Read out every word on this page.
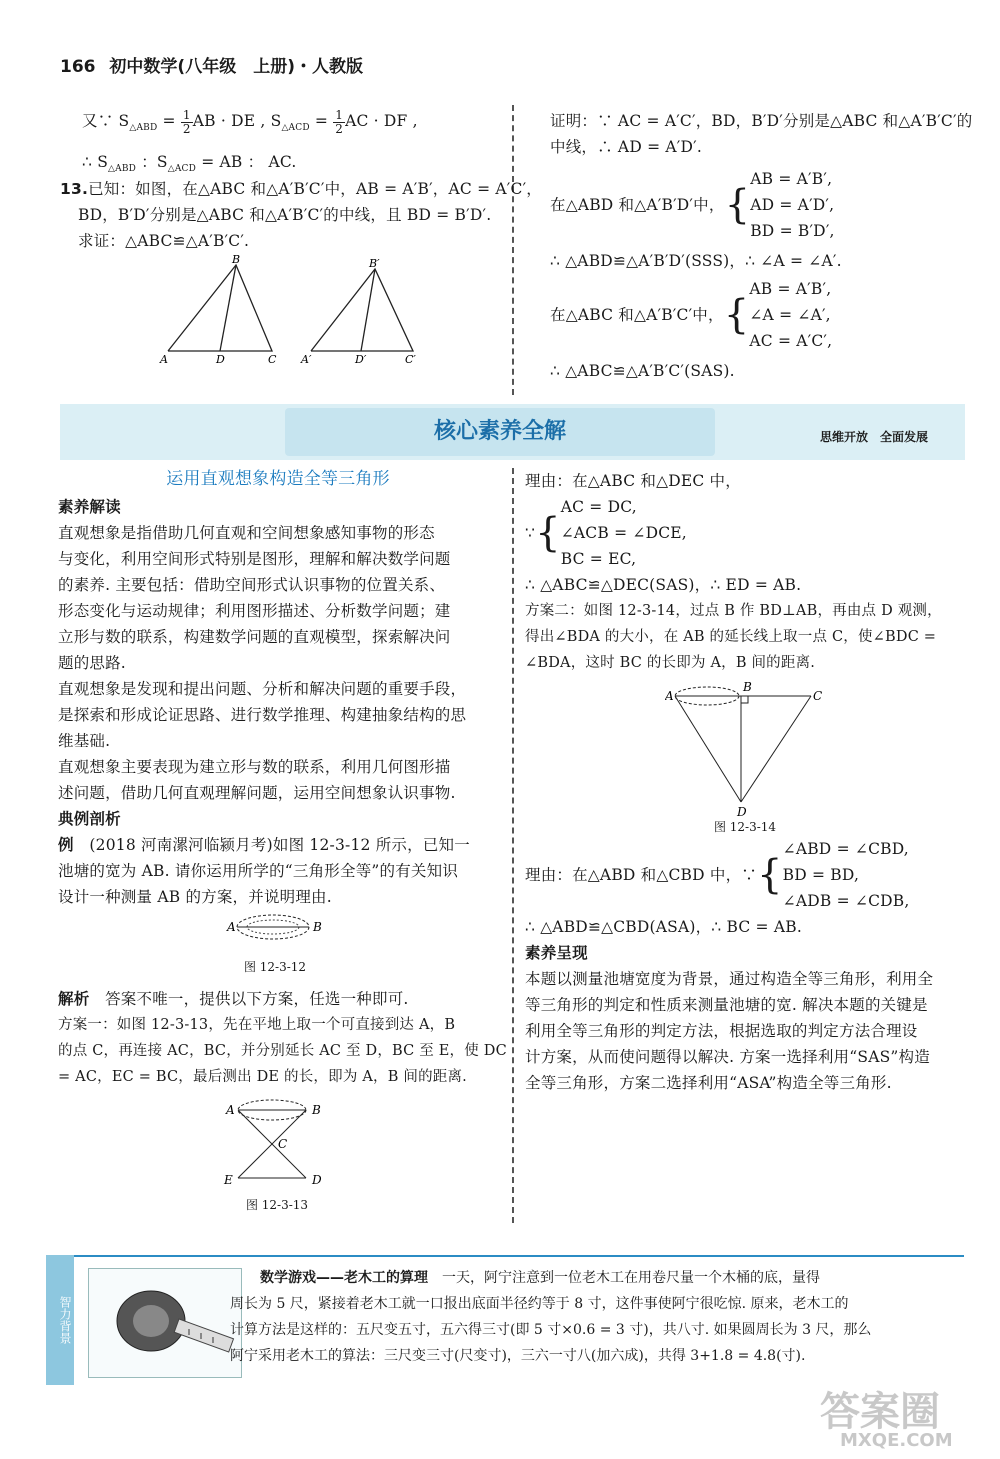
166 初中数学(八年级　上册)・人教版
又∵ $S_{\triangle ABD} = \frac{1}{2}$ AB · DE , $S_{\triangle ACD} = \frac{1}{2}$ AC · DF ,
∴ $S_{\triangle ABD}$ ：$S_{\triangle ACD}$ = AB ： AC.
13.已知：如图，在△ABC 和△A′B′C′中，AB = A′B′，AC = A′C′，
BD，B′D′分别是△ABC 和△A′B′C′的中线，且 BD = B′D′.
求证：△ABC≌△A′B′C′.
B
A	D	C
B′
A′	D′	C′
证明：∵ AC = A′C′，BD，B′D′分别是△ABC 和△A′B′C′的
中线，∴ AD = A′D′.
在△ABD 和△A′B′D′中， {
AB = A′B′,
AD = A′D′,
BD = B′D′,
∴ △ABD≌△A′B′D′(SSS)，∴ ∠A = ∠A′.
在△ABC 和△A′B′C′中， {
AB = A′B′,
∠A = ∠A′,
AC = A′C′,
∴ △ABC≌△A′B′C′(SAS).
核心素养全解	思维开放　全面发展
运用直观想象构造全等三角形
素养解读
直观想象是指借助几何直观和空间想象感知事物的形态
与变化，利用空间形式特别是图形，理解和解决数学问题
的素养. 主要包括：借助空间形式认识事物的位置关系、
形态变化与运动规律；利用图形描述、分析数学问题；建
立形与数的联系，构建数学问题的直观模型，探索解决问
题的思路.
直观想象是发现和提出问题、分析和解决问题的重要手段，
是探索和形成论证思路、进行数学推理、构建抽象结构的思
维基础.
直观想象主要表现为建立形与数的联系，利用几何图形描
述问题，借助几何直观理解问题，运用空间想象认识事物.
典例剖析
例　(2018 河南漯河临颍月考)如图 12-3-12 所示，已知一
池塘的宽为 AB. 请你运用所学的“三角形全等”的有关知识
设计一种测量 AB 的方案，并说明理由.
A	B
图 12-3-12
解析　答案不唯一，提供以下方案，任选一种即可.
方案一：如图 12-3-13，先在平地上取一个可直接到达 A，B
的点 C，再连接 AC，BC，并分别延长 AC 至 D，BC 至 E，使 DC
= AC，EC = BC，最后测出 DE 的长，即为 A，B 间的距离.
A	B
C
E	D
图 12-3-13
理由：在△ABC 和△DEC 中，
∵ {
AC = DC,
∠ACB = ∠DCE,
BC = EC,
∴ △ABC≌△DEC(SAS)，∴ ED = AB.
方案二：如图 12-3-14，过点 B 作 BD⊥AB，再由点 D 观测，
得出∠BDA 的大小，在 AB 的延长线上取一点 C，使∠BDC =
∠BDA，这时 BC 的长即为 A，B 间的距离.
A
B
C
D
图 12-3-14
理由：在△ABD 和△CBD 中，∵ {
∠ABD = ∠CBD,
BD = BD,
∠ADB = ∠CDB,
∴ △ABD≌△CBD(ASA)，∴ BC = AB.
素养呈现
本题以测量池塘宽度为背景，通过构造全等三角形，利用全
等三角形的判定和性质来测量池塘的宽. 解决本题的关键是
利用全等三角形的判定方法，根据选取的判定方法合理设
计方案，从而使问题得以解决. 方案一选择利用“SAS”构造
全等三角形，方案二选择利用“ASA”构造全等三角形.
智力背景
数学游戏——老木工的算理　一天，阿宁注意到一位老木工在用卷尺量一个木桶的底，量得
周长为 5 尺，紧接着老木工就一口报出底面半径约等于 8 寸，这件事使阿宁很吃惊. 原来，老木工的
计算方法是这样的：五尺变五寸，五六得三寸(即 5 寸×0.6 = 3 寸)，共八寸. 如果圆周长为 3 尺，那么
阿宁采用老木工的算法：三尺变三寸(尺变寸)，三六一寸八(加六成)，共得 3+1.8 = 4.8(寸).
答案圈
MXQE.COM
